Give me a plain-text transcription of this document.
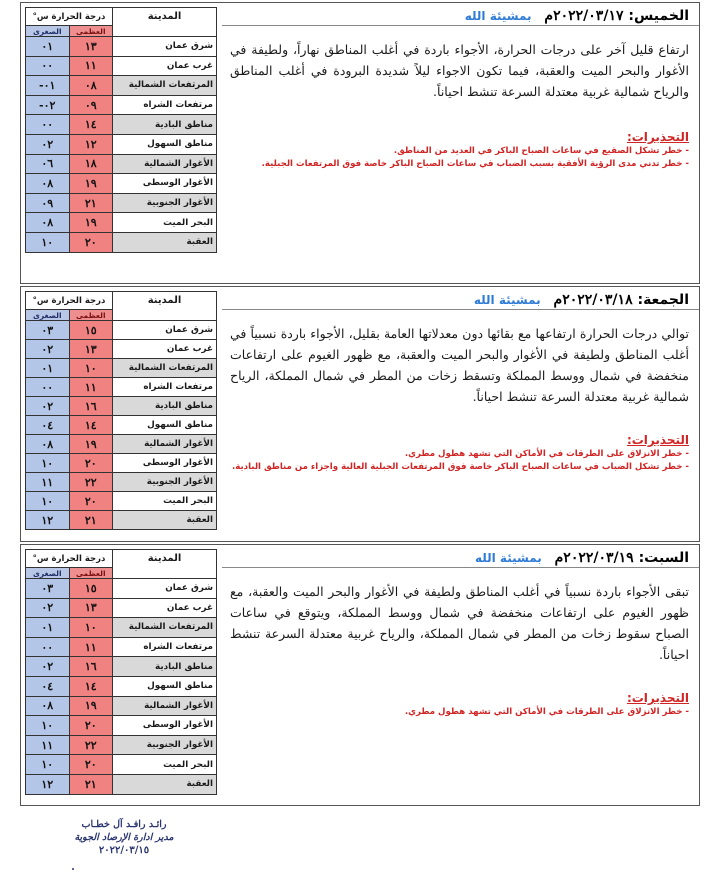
الخميس: ٢٠٢٢/٠٣/١٧م بمشيئة الله

ارتفاع قليل آخر على درجات الحرارة، الأجواء باردة في أغلب المناطق نهاراً، ولطيفة في الأغوار والبحر الميت والعقبة، فيما تكون الاجواء ليلاً شديدة البرودة في أغلب المناطق والرياح شمالية غربية معتدلة السرعة تنشط احياناً.

التحذيرات:
- خطر تشكل الصقيع في ساعات الصباح الباكر في العديد من المناطق.
- خطر تدني مدى الرؤية الأفقية بسبب الضباب في ساعات الصباح الباكر خاصة فوق المرتفعات الجبلية.
المدينة	درجة الحرارة س°	
	العظمى	الصغرى
شرق عمان	١٣	٠١
غرب عمان	١١	٠٠
المرتفعات الشمالية	٠٨	٠١-
مرتفعات الشراه	٠٩	٠٢-
مناطق البادية	١٤	٠٠
مناطق السهول	١٢	٠٢
الأغوار الشمالية	١٨	٠٦
الأغوار الوسطى	١٩	٠٨
الأغوار الجنوبية	٢١	٠٩
البحر الميت	١٩	٠٨
العقبة	٢٠	١٠
الجمعة: ٢٠٢٢/٠٣/١٨م بمشيئة الله

توالي درجات الحرارة ارتفاعها مع بقائها دون معدلاتها العامة بقليل، الأجواء باردة نسبياً في أغلب المناطق ولطيفة في الأغوار والبحر الميت والعقبة، مع ظهور الغيوم على ارتفاعات منخفضة في شمال ووسط المملكة وتسقط زخات من المطر في شمال المملكة، الرياح شمالية غربية معتدلة السرعة تنشط احياناً.

التحذيرات:
- خطر الانزلاق على الطرقات في الأماكن التي تشهد هطول مطري.
- خطر تشكل الضباب في ساعات الصباح الباكر خاصة فوق المرتفعات الجبلية العالية واجزاء من مناطق البادية.
المدينة	درجة الحرارة س°	
	العظمى	الصغرى
شرق عمان	١٥	٠٣
غرب عمان	١٣	٠٢
المرتفعات الشمالية	١٠	٠١
مرتفعات الشراه	١١	٠٠
مناطق البادية	١٦	٠٢
مناطق السهول	١٤	٠٤
الأغوار الشمالية	١٩	٠٨
الأغوار الوسطى	٢٠	١٠
الأغوار الجنوبية	٢٢	١١
البحر الميت	٢٠	١٠
العقبة	٢١	١٢
السبت: ٢٠٢٢/٠٣/١٩م بمشيئة الله

تبقى الأجواء باردة نسبياً في أغلب المناطق ولطيفة في الأغوار والبحر الميت والعقبة، مع ظهور الغيوم على ارتفاعات منخفضة في شمال ووسط المملكة، ويتوقع في ساعات الصباح سقوط زخات من المطر في شمال المملكة، والرياح غربية معتدلة السرعة تنشط احياناً.

التحذيرات:
- خطر الانزلاق على الطرقات في الأماكن التي تشهد هطول مطري.
المدينة	درجة الحرارة س°	
	العظمى	الصغرى
شرق عمان	١٥	٠٣
غرب عمان	١٣	٠٢
المرتفعات الشمالية	١٠	٠١
مرتفعات الشراه	١١	٠٠
مناطق البادية	١٦	٠٢
مناطق السهول	١٤	٠٤
الأغوار الشمالية	١٩	٠٨
الأغوار الوسطى	٢٠	١٠
الأغوار الجنوبية	٢٢	١١
البحر الميت	٢٠	١٠
العقبة	٢١	١٢
رائـد رافـد آل خطـاب
مدير ادارة الإرصاد الجوية
٢٠٢٢/٠٣/١٥
